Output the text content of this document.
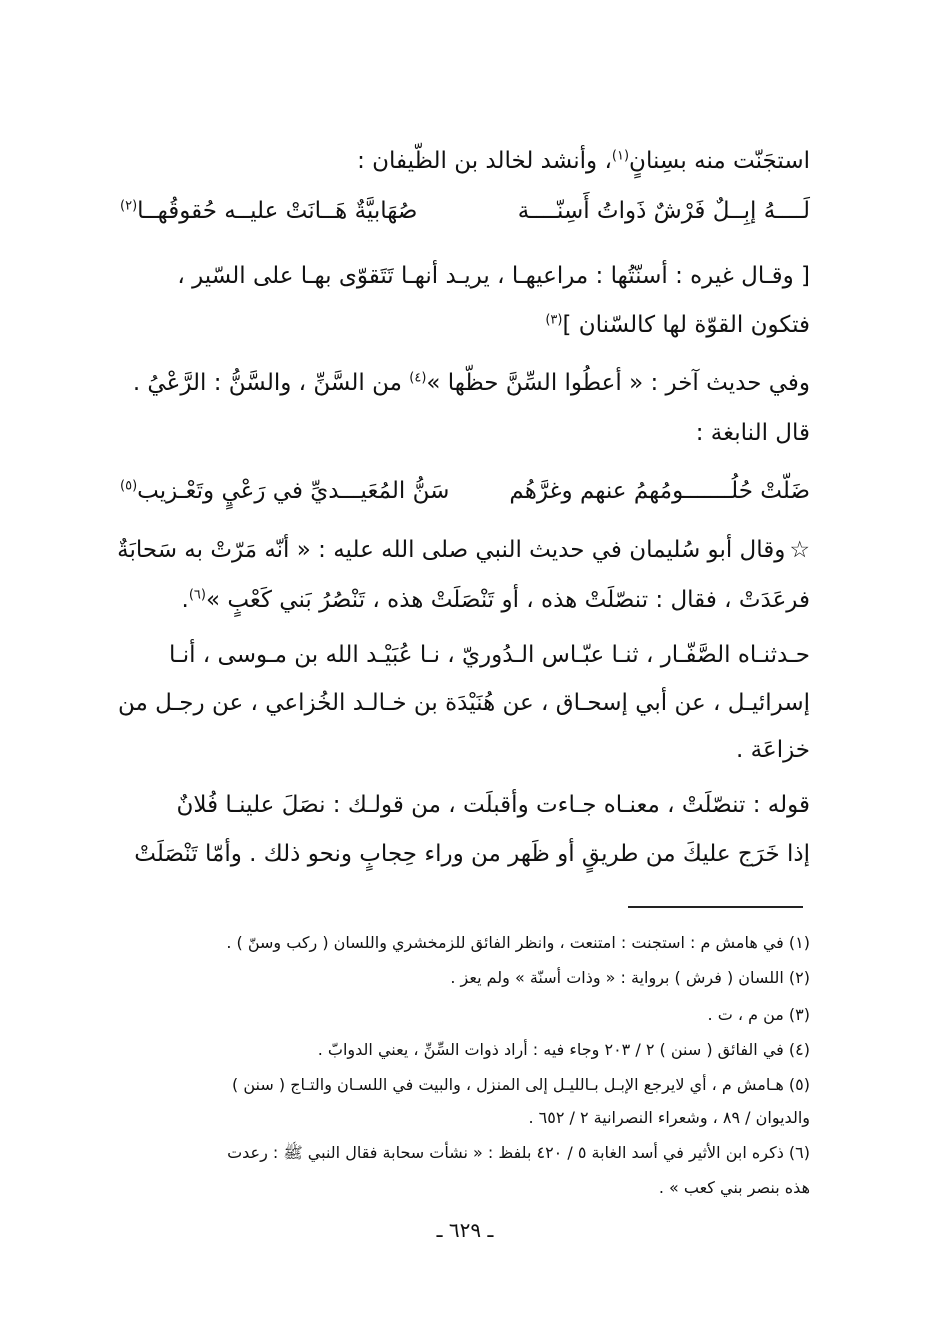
استجَنّت منه بسِنانٍ$^{(١)}$، وأنشد لخالد بن الظّيفان :
لَــــهُ إبِــلٌ فَرْشٌ ذَواتُ أَسِنّــــة
صُهَابيَّةٌ هَــانَتْ عليــه حُقوقُهــا$^{(٢)}$
[ وقـال غيره : أسنّتُها : مراعيهـا ، يريـد أنهـا تَتَقوّى بهـا على السّير ،
فتكون القوّة لها كالسّنان ]$^{(٣)}$
وفي حديث آخر : « أعطُوا السِّنَّ حظّها »$^{(٤)}$ من السَّنِّ ، والسَّنُّ : الرَّعْيُ .
قال النابغة :
ضَلّتْ حُلُـــــــومُهمُ عنهم وغرَّهُم
سَنُّ المُعَيـــديِّ في رَعْيٍ وتَعْـزيب$^{(٥)}$
☆وقال أبو سُليمان في حديث النبي صلى الله عليه : « أنّه مَرّتْ به سَحابَةٌ
فرعَدَتْ ، فقال : تنصّلَتْ هذه ، أو تَنْصَلَتْ هذه ، تَنْصُرُ بَني كَعْبٍ »$^{(٦)}$.
حـدثنـاه الصَّفّـار ، ثنـا عبّـاس الـدُوريّ ، نـا عُبَيْـد الله بن مـوسى ، أنـا
إسرائيـل ، عن أبي إسحـاق ، عن هُنَيْدَة بن خـالـد الخُزاعي ، عن رجـل من
خزاعَة .
قوله : تنصّلَتْ ، معنـاه جـاءت وأقبلَت ، من قولـك : نصَلَ علينـا فُلانٌ
إذا خَرَج عليكَ من طريقٍ أو ظَهر من وراء حِجابٍ ونحو ذلك . وأمّا تَنْصَلَتْ
(١) في هامش م : استجنت : امتنعت ، وانظر الفائق للزمخشري واللسان ( ركب وسنّ ) .
(٢) اللسان ( فرش ) برواية : « وذات أسنّة » ولم يعز .
(٣) من م ، ت .
(٤) في الفائق ( سنن ) ٢ / ٢٠٣ وجاء فيه : أراد ذوات السِّنِّ ، يعني الدوابّ .
(٥) هـامش م ، أي لايرجع الإبـل بـالليـل إلى المنزل ، والبيت في اللسـان والتـاج ( سنن )
والديوان / ٨٩ ، وشعراء النصرانية ٢ / ٦٥٢ .
(٦) ذكره ابن الأثير في أسد الغابة ٥ / ٤٢٠ بلفظ : « نشأت سحابة فقال النبي ﷺ : رعدت
هذه بنصر بني كعب » .
ـ ٦٢٩ ـ
